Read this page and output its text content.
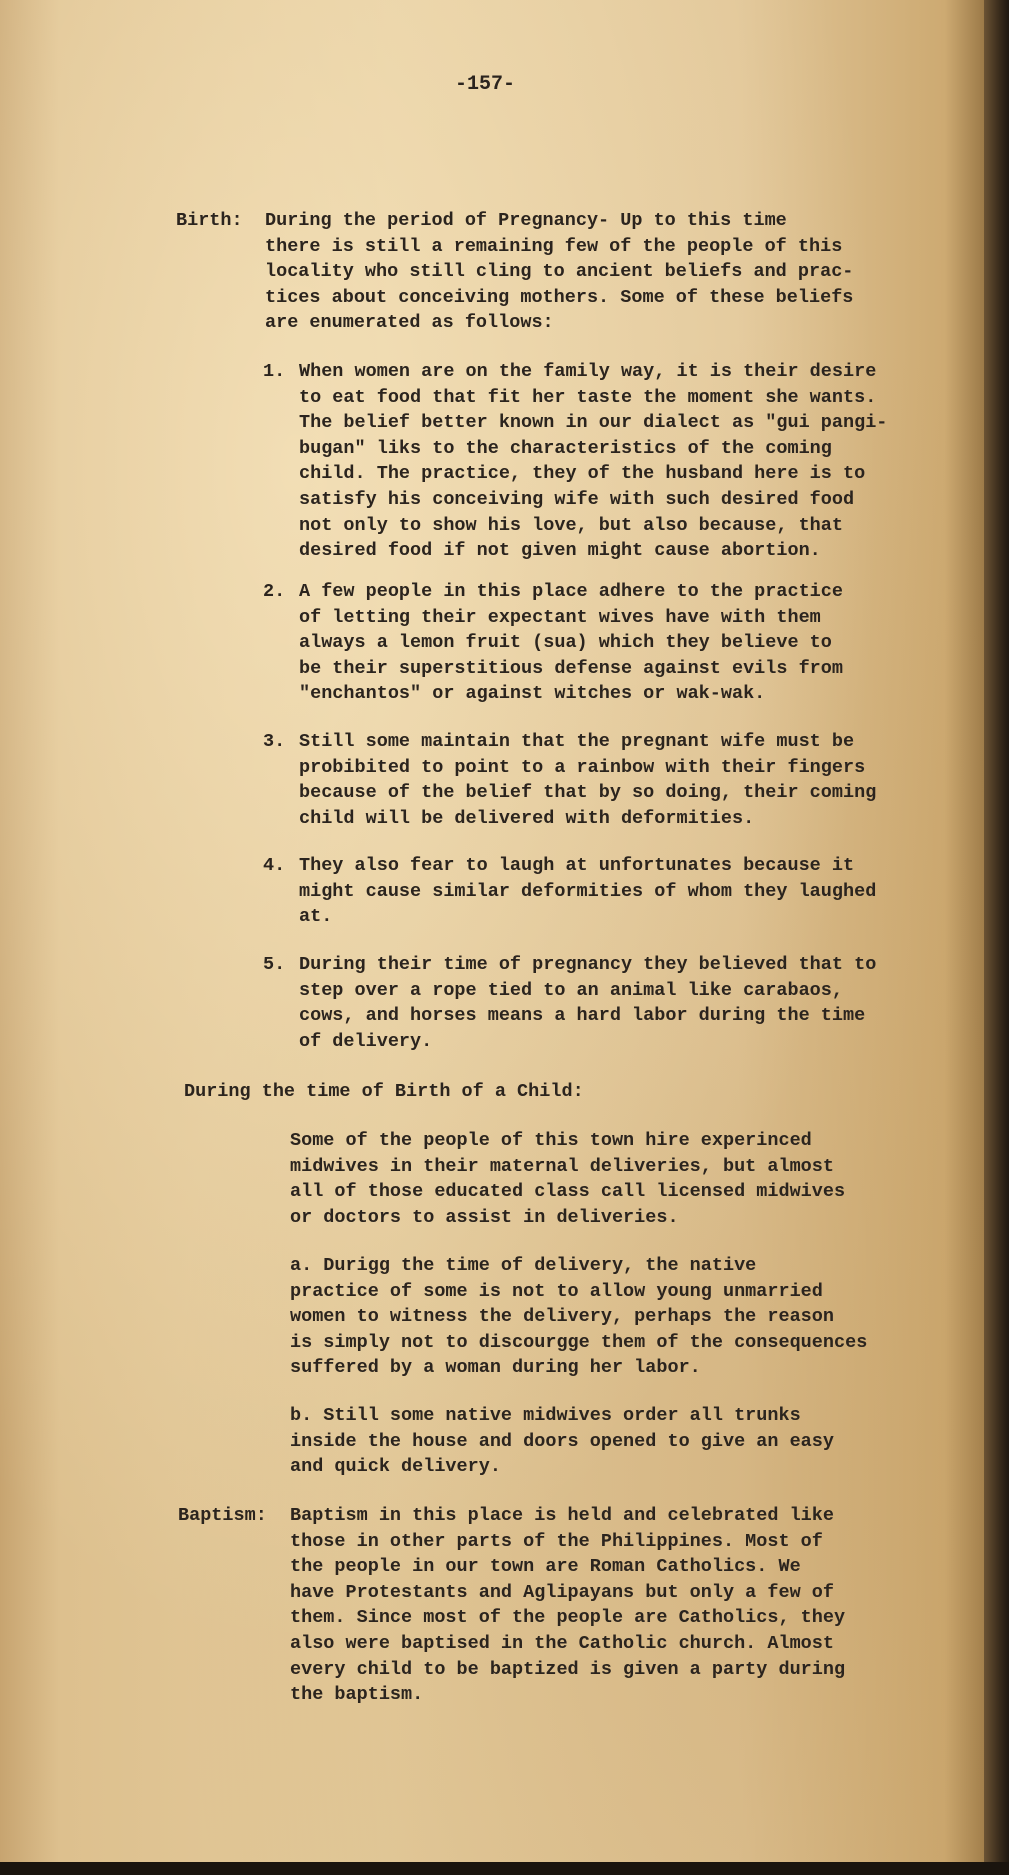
-157-
Birth: During the period of Pregnancy- Up to this time
there is still a remaining few of the people of this
locality who still cling to ancient beliefs and prac-
tices about conceiving mothers. Some of these beliefs
are enumerated as follows:
1. When women are on the family way, it is their desire
to eat food that fit her taste the moment she wants.
The belief better known in our dialect as "gui pangi-
bugan" liks to the characteristics of the coming
child. The practice, they of the husband here is to
satisfy his conceiving wife with such desired food
not only to show his love, but also because, that
desired food if not given might cause abortion.
2. A few people in this place adhere to the practice
of letting their expectant wives have with them
always a lemon fruit (sua) which they believe to
be their superstitious defense against evils from
"enchantos" or against witches or wak-wak.
3. Still some maintain that the pregnant wife must be
probibited to point to a rainbow with their fingers
because of the belief that by so doing, their coming
child will be delivered with deformities.
4. They also fear to laugh at unfortunates because it
might cause similar deformities of whom they laughed
at.
5. During their time of pregnancy they believed that to
step over a rope tied to an animal like carabaos,
cows, and horses means a hard labor during the time
of delivery.
During the time of Birth of a Child:
Some of the people of this town hire experinced
midwives in their maternal deliveries, but almost
all of those educated class call licensed midwives
or doctors to assist in deliveries.
a. Durigg the time of delivery, the native
practice of some is not to allow young unmarried
women to witness the delivery, perhaps the reason
is simply not to discourgge them of the consequences
suffered by a woman during her labor.
b. Still some native midwives order all trunks
inside the house and doors opened to give an easy
and quick delivery.
Baptism: Baptism in this place is held and celebrated like
those in other parts of the Philippines. Most of
the people in our town are Roman Catholics. We
have Protestants and Aglipayans but only a few of
them. Since most of the people are Catholics, they
also were baptised in the Catholic church. Almost
every child to be baptized is given a party during
the baptism.
